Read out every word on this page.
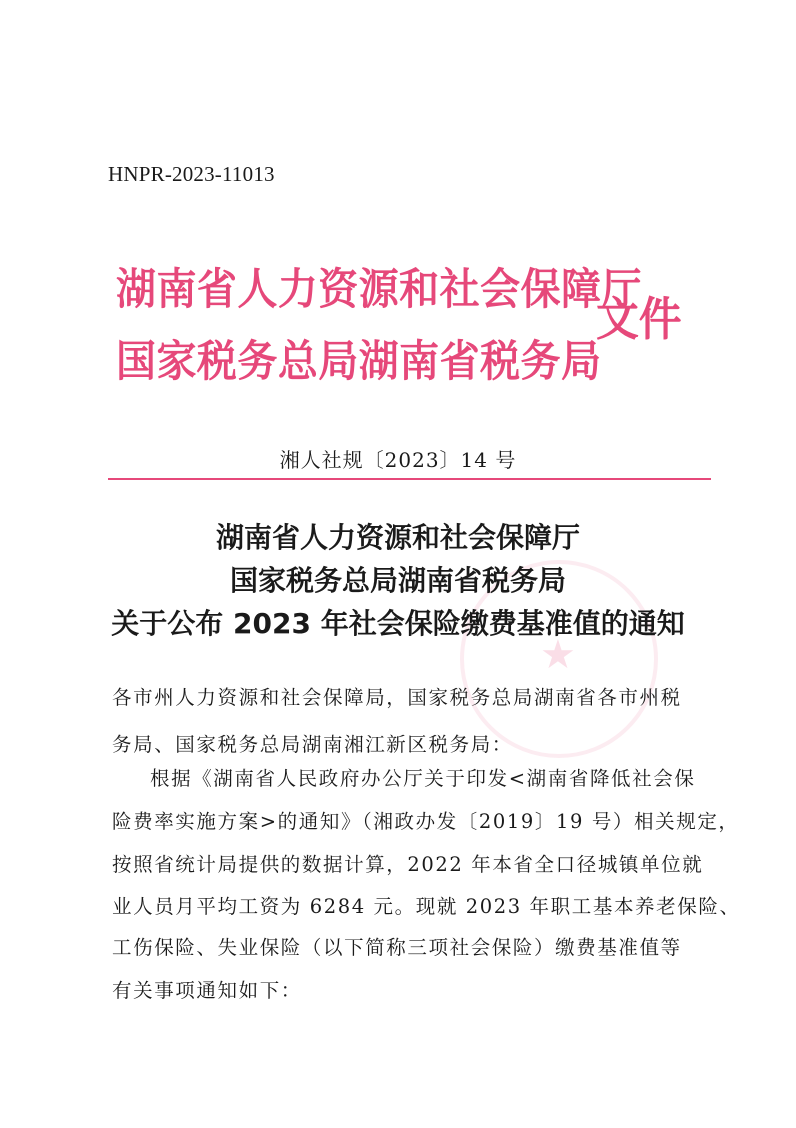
HNPR-2023-11013
湖南省人力资源和社会保障厅
国家税务总局湖南省税务局
文件
湘人社规〔2023〕14 号
★
湖南省人力资源和社会保障厅
国家税务总局湖南省税务局
关于公布 2023 年社会保险缴费基准值的通知
各市州人力资源和社会保障局，国家税务总局湖南省各市州税
务局、国家税务总局湖南湘江新区税务局：
根据《湖南省人民政府办公厅关于印发<湖南省降低社会保
险费率实施方案>的通知》（湘政办发〔2019〕19 号）相关规定，
按照省统计局提供的数据计算，2022 年本省全口径城镇单位就
业人员月平均工资为 6284 元。现就 2023 年职工基本养老保险、
工伤保险、失业保险（以下简称三项社会保险）缴费基准值等
有关事项通知如下：
